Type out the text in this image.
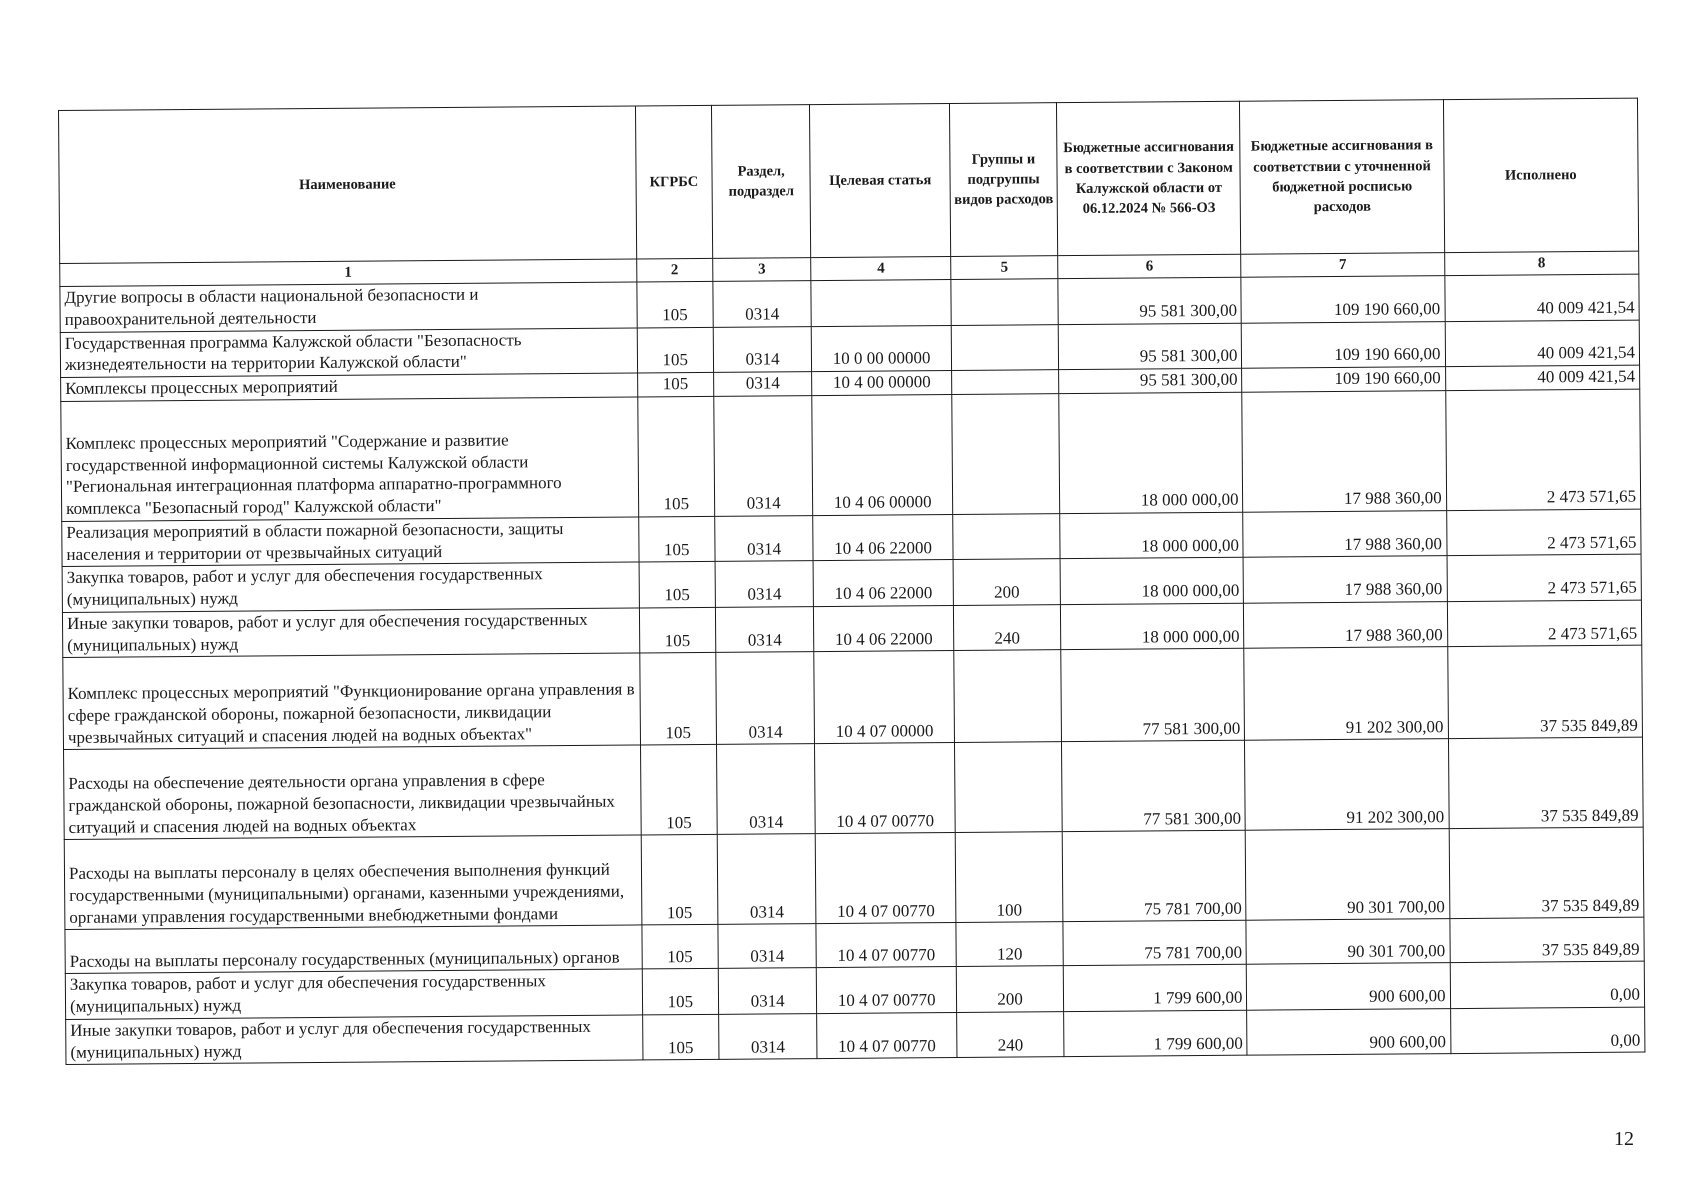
Наименование	КГРБС	Раздел, подраздел	Целевая статья	Группы и подгруппы видов расходов	Бюджетные ассигнования в соответствии с Законом Калужской области от 06.12.2024 № 566-ОЗ	Бюджетные ассигнования в соответствии с уточненной бюджетной росписью расходов	Исполнено
1	2	3	4	5	6	7	8
Другие вопросы в области национальной безопасности и правоохранительной деятельности	105	0314			95 581 300,00	109 190 660,00	40 009 421,54
Государственная программа Калужской области "Безопасность жизнедеятельности на территории Калужской области"	105	0314	10 0 00 00000		95 581 300,00	109 190 660,00	40 009 421,54
Комплексы процессных мероприятий	105	0314	10 4 00 00000		95 581 300,00	109 190 660,00	40 009 421,54
Комплекс процессных мероприятий "Содержание и развитие государственной информационной системы Калужской области "Региональная интеграционная платформа аппаратно-программного комплекса "Безопасный город" Калужской области"	105	0314	10 4 06 00000		18 000 000,00	17 988 360,00	2 473 571,65
Реализация мероприятий в области пожарной безопасности, защиты населения и территории от чрезвычайных ситуаций	105	0314	10 4 06 22000		18 000 000,00	17 988 360,00	2 473 571,65
Закупка товаров, работ и услуг для обеспечения государственных (муниципальных) нужд	105	0314	10 4 06 22000	200	18 000 000,00	17 988 360,00	2 473 571,65
Иные закупки товаров, работ и услуг для обеспечения государственных (муниципальных) нужд	105	0314	10 4 06 22000	240	18 000 000,00	17 988 360,00	2 473 571,65
Комплекс процессных мероприятий "Функционирование органа управления в сфере гражданской обороны, пожарной безопасности, ликвидации чрезвычайных ситуаций и спасения людей на водных объектах"	105	0314	10 4 07 00000		77 581 300,00	91 202 300,00	37 535 849,89
Расходы на обеспечение деятельности органа управления в сфере гражданской обороны, пожарной безопасности, ликвидации чрезвычайных ситуаций и спасения людей на водных объектах	105	0314	10 4 07 00770		77 581 300,00	91 202 300,00	37 535 849,89
Расходы на выплаты персоналу в целях обеспечения выполнения функций государственными (муниципальными) органами, казенными учреждениями, органами управления государственными внебюджетными фондами	105	0314	10 4 07 00770	100	75 781 700,00	90 301 700,00	37 535 849,89
Расходы на выплаты персоналу государственных (муниципальных) органов	105	0314	10 4 07 00770	120	75 781 700,00	90 301 700,00	37 535 849,89
Закупка товаров, работ и услуг для обеспечения государственных (муниципальных) нужд	105	0314	10 4 07 00770	200	1 799 600,00	900 600,00	0,00
Иные закупки товаров, работ и услуг для обеспечения государственных (муниципальных) нужд	105	0314	10 4 07 00770	240	1 799 600,00	900 600,00	0,00
12
